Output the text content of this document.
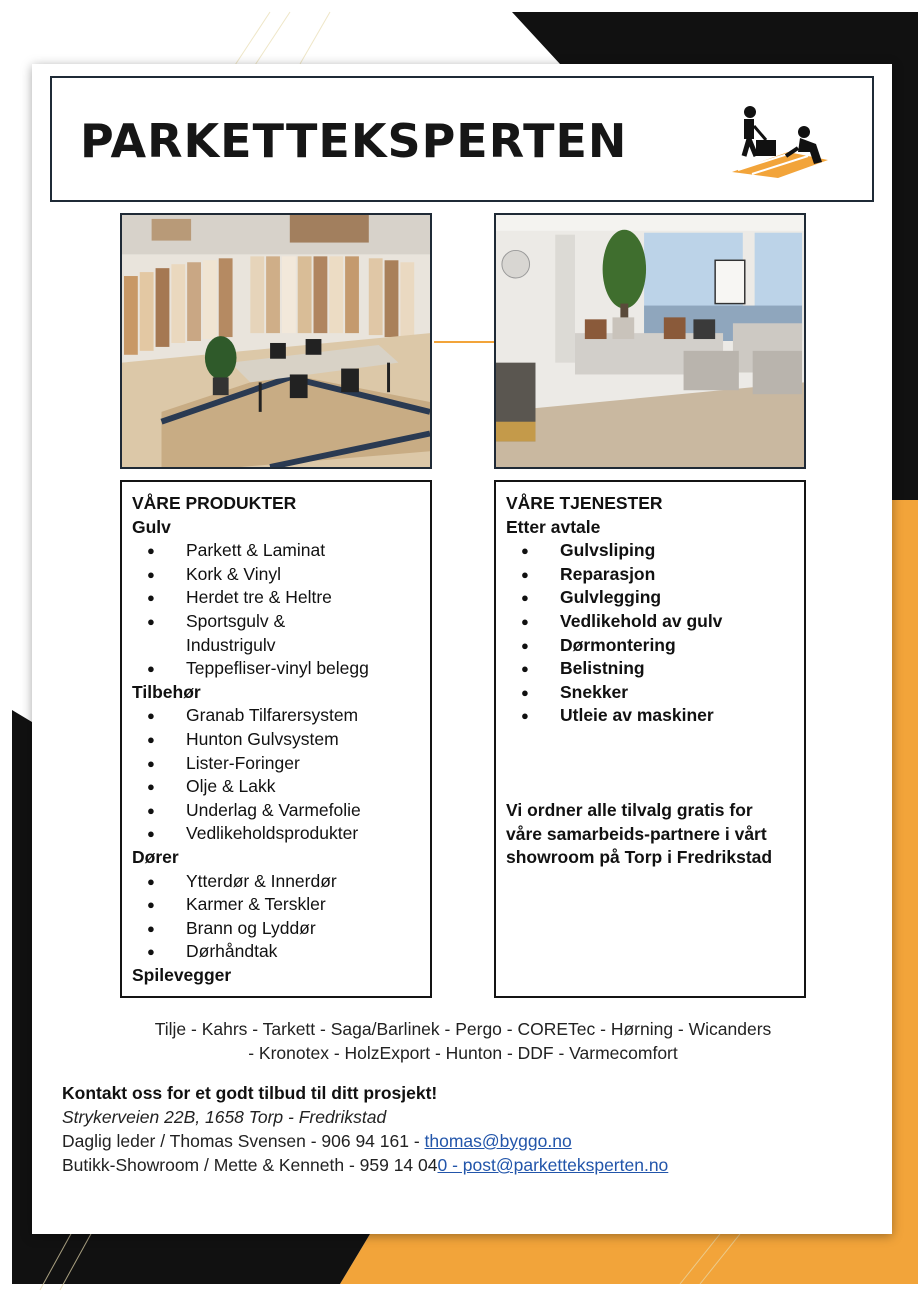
PARKETTEKSPERTEN
VÅRE PRODUKTER
Gulv
● Parkett & Laminat
● Kork & Vinyl
● Herdet tre & Heltre
● Sportsgulv & Industrigulv
● Teppefliser-vinyl belegg
Tilbehør
● Granab Tilfarersystem
● Hunton Gulvsystem
● Lister-Foringer
● Olje & Lakk
● Underlag & Varmefolie
● Vedlikeholdsprodukter
Dører
● Ytterdør & Innerdør
● Karmer & Terskler
● Brann og Lyddør
● Dørhåndtak
Spilevegger
VÅRE TJENESTER
Etter avtale
● Gulvsliping
● Reparasjon
● Gulvlegging
● Vedlikehold av gulv
● Dørmontering
● Belistning
● Snekker
● Utleie av maskiner
Vi ordner alle tilvalg gratis for våre samarbeids-partnere i vårt showroom på Torp i Fredrikstad
Tilje - Kahrs - Tarkett - Saga/Barlinek - Pergo - CORETec - Hørning - Wicanders
- Kronotex - HolzExport - Hunton - DDF - Varmecomfort
Kontakt oss for et godt tilbud til ditt prosjekt!
Strykerveien 22B, 1658 Torp - Fredrikstad
Daglig leder / Thomas Svensen - 906 94 161 - thomas@byggo.no
Butikk-Showroom / Mette & Kenneth - 959 14 040 - post@parketteksperten.no
